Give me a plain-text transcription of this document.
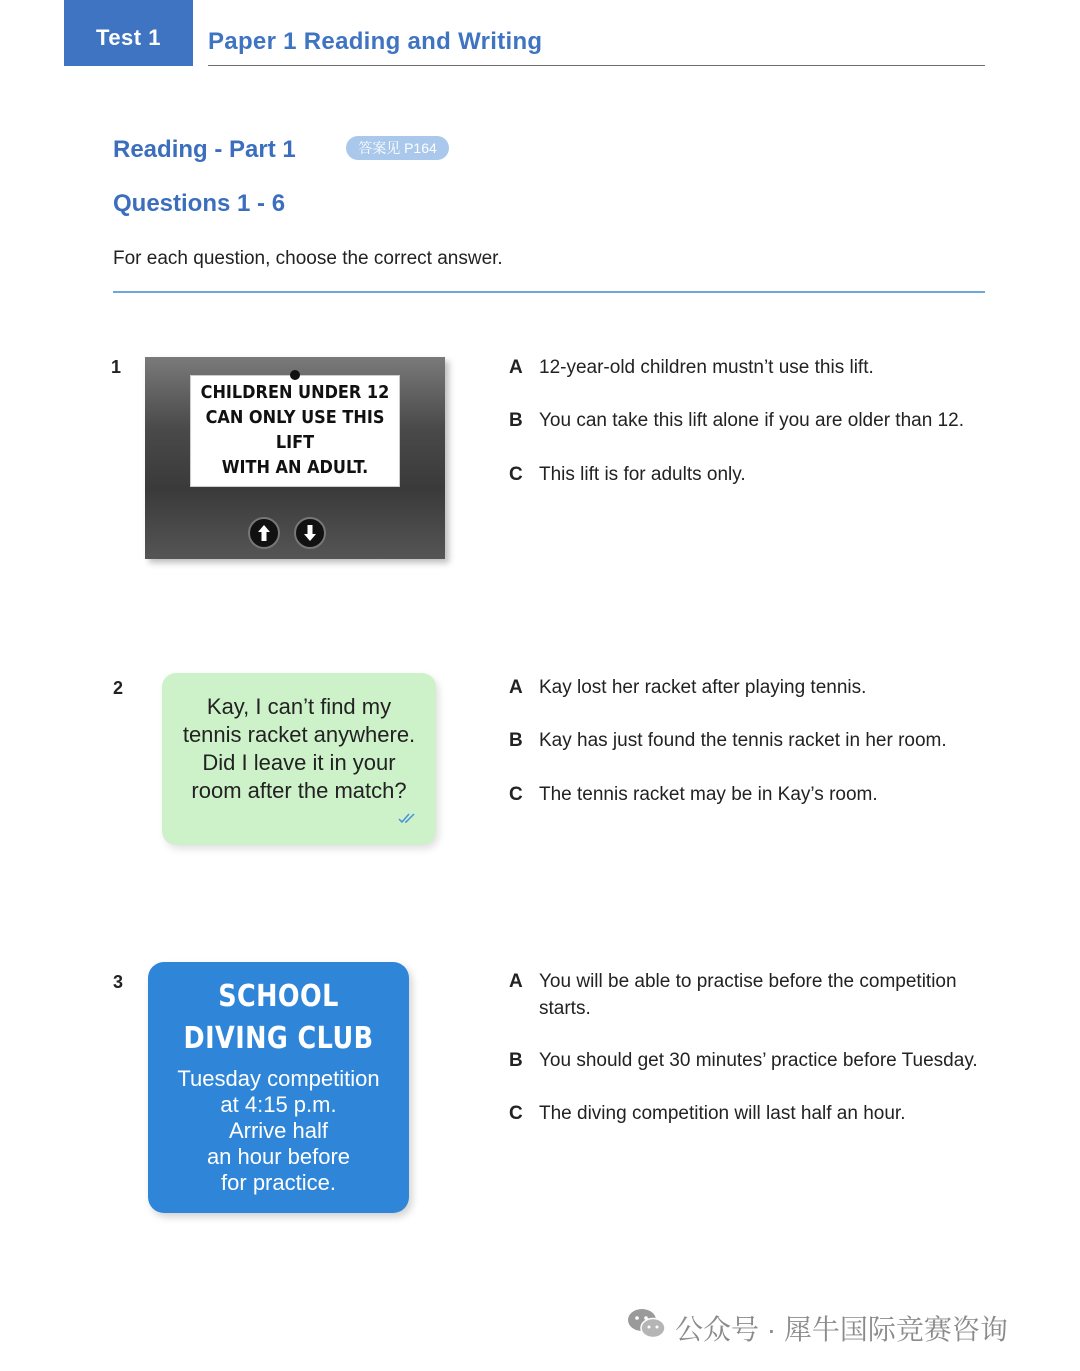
Test 1	Paper 1 Reading and Writing
Reading - Part 1	答案见 P164
Questions 1 - 6
For each question, choose the correct answer.
1
CHILDREN UNDER 12
CAN ONLY USE THIS LIFT
WITH AN ADULT.
A 12-year-old children mustn’t use this lift.
B You can take this lift alone if you are older than 12.
C This lift is for adults only.
2
Kay, I can’t find my
tennis racket anywhere.
Did I leave it in your
room after the match?
A Kay lost her racket after playing tennis.
B Kay has just found the tennis racket in her room.
C The tennis racket may be in Kay’s room.
3	SCHOOL
DIVING CLUB
Tuesday competition
at 4:15 p.m.
Arrive half
an hour before
for practice.
A You will be able to practise before the competition starts.
B You should get 30 minutes’ practice before Tuesday.
C The diving competition will last half an hour.
公众号 · 犀牛国际竞赛咨询
